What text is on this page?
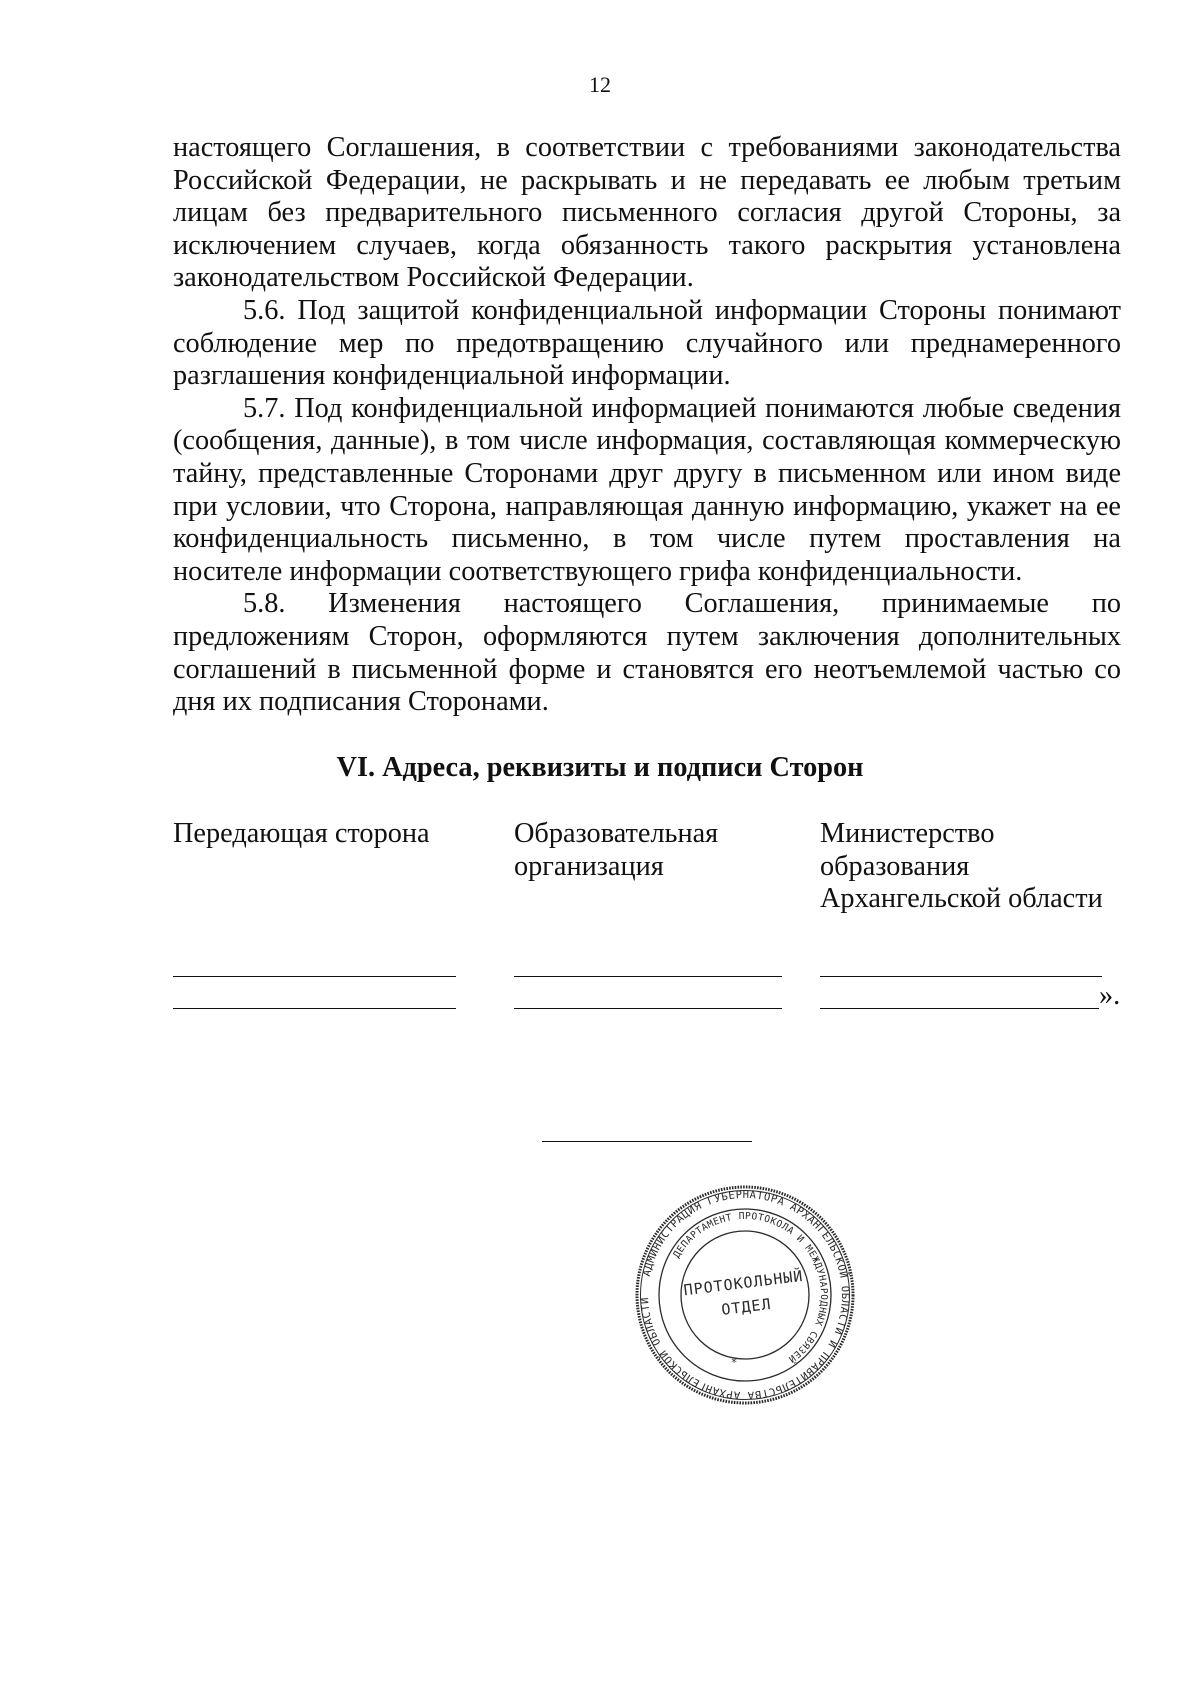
12

настоящего Соглашения, в соответствии с требованиями законодательства Российской Федерации, не раскрывать и не передавать ее любым третьим лицам без предварительного письменного согласия другой Стороны, за исключением случаев, когда обязанность такого раскрытия установлена законодательством Российской Федерации.

5.6. Под защитой конфиденциальной информации Стороны понимают соблюдение мер по предотвращению случайного или преднамеренного разглашения конфиденциальной информации.

5.7. Под конфиденциальной информацией понимаются любые сведения (сообщения, данные), в том числе информация, составляющая коммерческую тайну, представленные Сторонами друг другу в письменном или ином виде при условии, что Сторона, направляющая данную информацию, укажет на ее конфиденциальность письменно, в том числе путем проставления на носителе информации соответствующего грифа конфиденциальности.

5.8. Изменения настоящего Соглашения, принимаемые по предложениям Сторон, оформляются путем заключения дополнительных соглашений в письменной форме и становятся его неотъемлемой частью со дня их подписания Сторонами.

VI. Адреса, реквизиты и подписи Сторон
Передающая сторона	Образовательная
организация
Министерство
образования
Архангельской области
».
АДМИНИСТРАЦИЯ ГУБЕРНАТОРА АРХАНГЕЛЬСКОЙ ОБЛАСТИ И ПРАВИТЕЛЬСТВА АРХАНГЕЛЬСКОЙ ОБЛАСТИ
ДЕПАРТАМЕНТ ПРОТОКОЛА И МЕЖДУНАРОДНЫХ СВЯЗЕЙ
ПРОТОКОЛЬНЫЙ
ОТДЕЛ
*
